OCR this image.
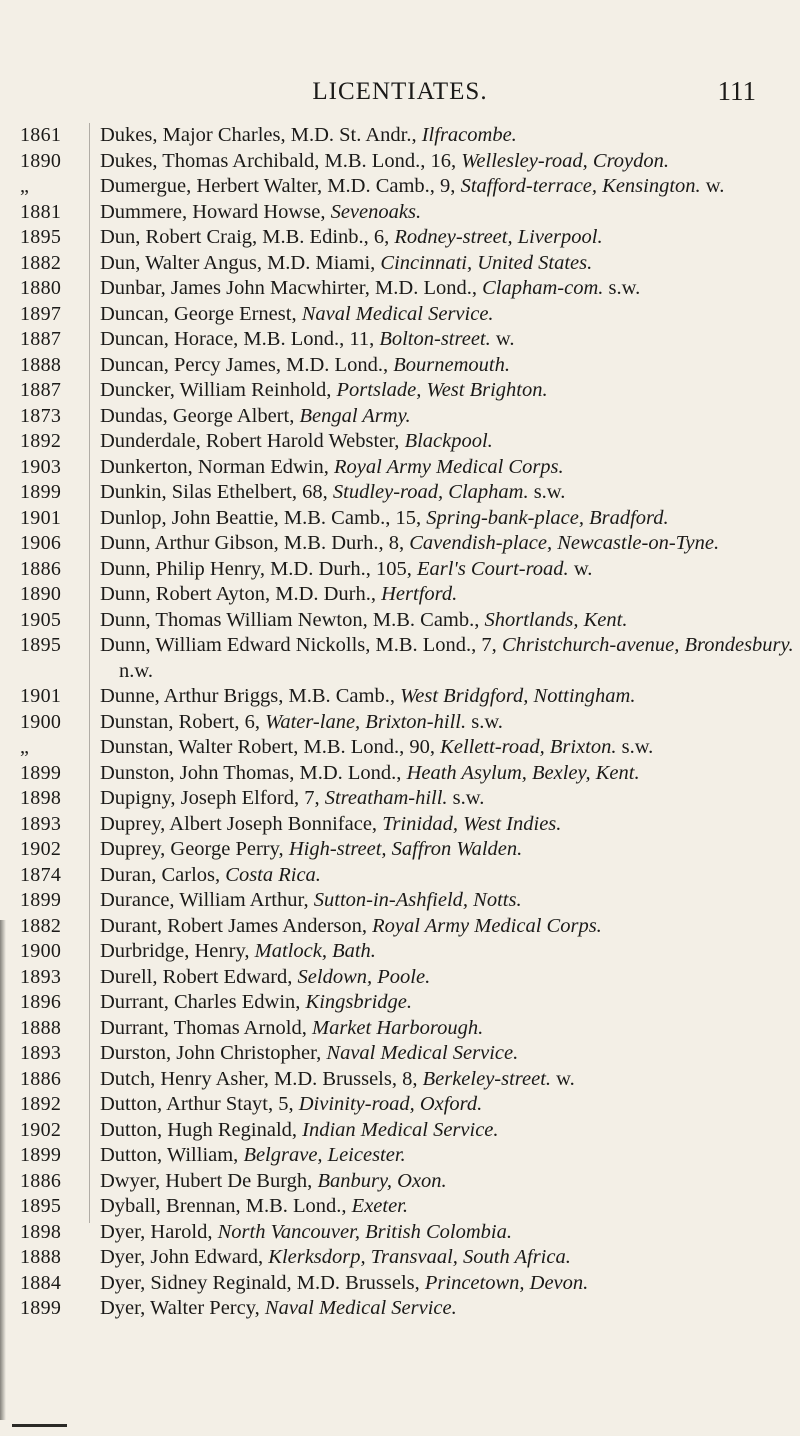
LICENTIATES.	111
1861	Dukes, Major Charles, M.D. St. Andr., Ilfracombe.
1890	Dukes, Thomas Archibald, M.B. Lond., 16, Wellesley-road, Croydon.
„	Dumergue, Herbert Walter, M.D. Camb., 9, Stafford-terrace, Kensington. w.
1881	Dummere, Howard Howse, Sevenoaks.
1895	Dun, Robert Craig, M.B. Edinb., 6, Rodney-street, Liverpool.
1882	Dun, Walter Angus, M.D. Miami, Cincinnati, United States.
1880	Dunbar, James John Macwhirter, M.D. Lond., Clapham-com. s.w.
1897	Duncan, George Ernest, Naval Medical Service.
1887	Duncan, Horace, M.B. Lond., 11, Bolton-street. w.
1888	Duncan, Percy James, M.D. Lond., Bournemouth.
1887	Duncker, William Reinhold, Portslade, West Brighton.
1873	Dundas, George Albert, Bengal Army.
1892	Dunderdale, Robert Harold Webster, Blackpool.
1903	Dunkerton, Norman Edwin, Royal Army Medical Corps.
1899	Dunkin, Silas Ethelbert, 68, Studley-road, Clapham. s.w.
1901	Dunlop, John Beattie, M.B. Camb., 15, Spring-bank-place, Bradford.
1906	Dunn, Arthur Gibson, M.B. Durh., 8, Cavendish-place, Newcastle-on-Tyne.
1886	Dunn, Philip Henry, M.D. Durh., 105, Earl's Court-road. w.
1890	Dunn, Robert Ayton, M.D. Durh., Hertford.
1905	Dunn, Thomas William Newton, M.B. Camb., Shortlands, Kent.
1895	Dunn, William Edward Nickolls, M.B. Lond., 7, Christchurch-avenue, Brondesbury. n.w.
1901	Dunne, Arthur Briggs, M.B. Camb., West Bridgford, Nottingham.
1900	Dunstan, Robert, 6, Water-lane, Brixton-hill. s.w.
„	Dunstan, Walter Robert, M.B. Lond., 90, Kellett-road, Brixton. s.w.
1899	Dunston, John Thomas, M.D. Lond., Heath Asylum, Bexley, Kent.
1898	Dupigny, Joseph Elford, 7, Streatham-hill. s.w.
1893	Duprey, Albert Joseph Bonniface, Trinidad, West Indies.
1902	Duprey, George Perry, High-street, Saffron Walden.
1874	Duran, Carlos, Costa Rica.
1899	Durance, William Arthur, Sutton-in-Ashfield, Notts.
1882	Durant, Robert James Anderson, Royal Army Medical Corps.
1900	Durbridge, Henry, Matlock, Bath.
1893	Durell, Robert Edward, Seldown, Poole.
1896	Durrant, Charles Edwin, Kingsbridge.
1888	Durrant, Thomas Arnold, Market Harborough.
1893	Durston, John Christopher, Naval Medical Service.
1886	Dutch, Henry Asher, M.D. Brussels, 8, Berkeley-street. w.
1892	Dutton, Arthur Stayt, 5, Divinity-road, Oxford.
1902	Dutton, Hugh Reginald, Indian Medical Service.
1899	Dutton, William, Belgrave, Leicester.
1886	Dwyer, Hubert De Burgh, Banbury, Oxon.
1895	Dyball, Brennan, M.B. Lond., Exeter.
1898	Dyer, Harold, North Vancouver, British Colombia.
1888	Dyer, John Edward, Klerksdorp, Transvaal, South Africa.
1884	Dyer, Sidney Reginald, M.D. Brussels, Princetown, Devon.
1899	Dyer, Walter Percy, Naval Medical Service.
